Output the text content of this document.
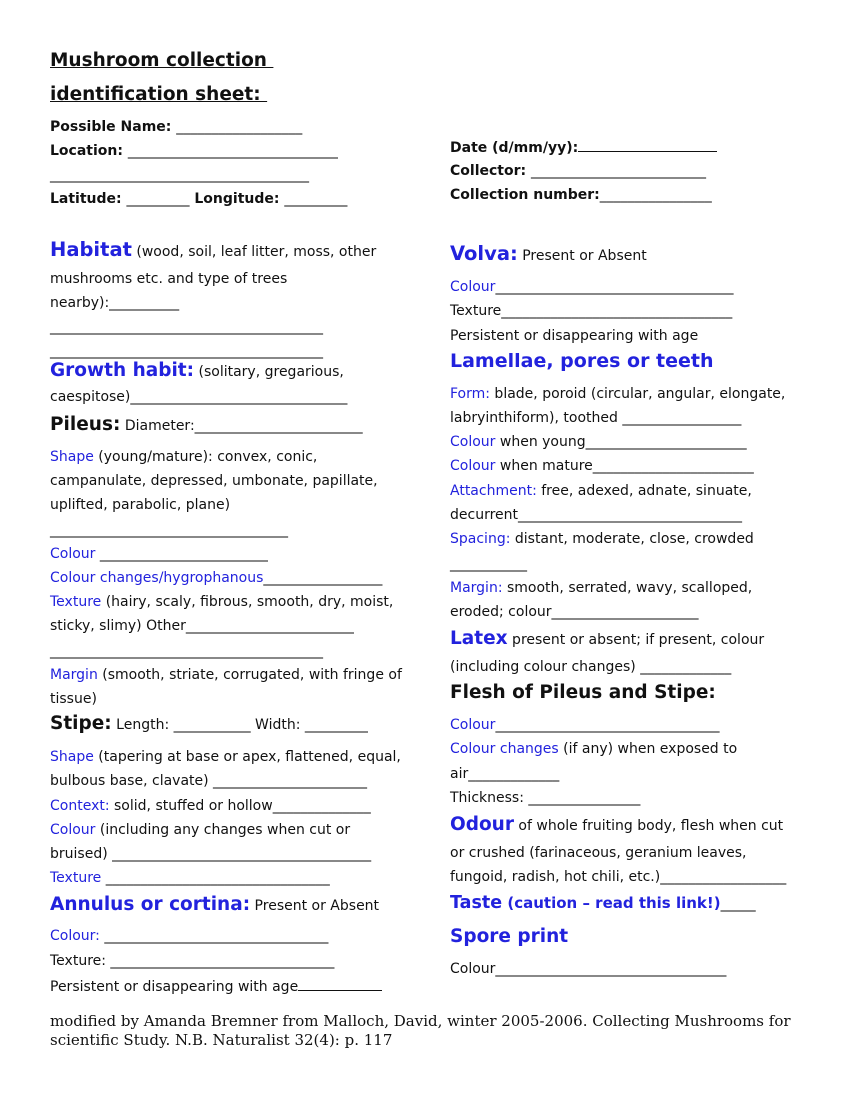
Mushroom collection
identification sheet:
Possible Name: __________________
Location: ______________________________
_____________________________________
Latitude: _________ Longitude: _________
Habitat (wood, soil, leaf litter, moss, other
mushrooms etc. and type of trees
nearby):__________
_______________________________________
_______________________________________
Growth habit: (solitary, gregarious,
caespitose)_______________________________
Pileus: Diameter:________________________
Shape (young/mature): convex, conic,
campanulate, depressed, umbonate, papillate,
uplifted, parabolic, plane)
__________________________________
Colour ________________________
Colour changes/hygrophanous_________________
Texture (hairy, scaly, fibrous, smooth, dry, moist,
sticky, slimy) Other________________________
_______________________________________
Margin (smooth, striate, corrugated, with fringe of
tissue)
Stipe: Length: ___________ Width: _________
Shape (tapering at base or apex, flattened, equal,
bulbous base, clavate) ______________________
Context: solid, stuffed or hollow______________
Colour (including any changes when cut or
bruised) _____________________________________
Texture ________________________________
Annulus or cortina: Present or Absent
Colour: ________________________________
Texture: ________________________________
Persistent or disappearing with age
Date (d/mm/yy):
Collector: _________________________
Collection number:________________
Volva: Present or Absent
Colour__________________________________
Texture_________________________________
Persistent or disappearing with age
Lamellae, pores or teeth
Form: blade, poroid (circular, angular, elongate,
labryinthiform), toothed _________________
Colour when young_______________________
Colour when mature_______________________
Attachment: free, adexed, adnate, sinuate,
decurrent________________________________
Spacing: distant, moderate, close, crowded
___________
Margin: smooth, serrated, wavy, scalloped,
eroded; colour_____________________
Latex present or absent; if present, colour
(including colour changes) _____________
Flesh of Pileus and Stipe:
Colour________________________________
Colour changes (if any) when exposed to
air_____________
Thickness: ________________
Odour of whole fruiting body, flesh when cut
or crushed (farinaceous, geranium leaves,
fungoid, radish, hot chili, etc.)__________________
Taste (caution – read this link!)_____
Spore print
Colour_________________________________
modified by Amanda Bremner from Malloch, David, winter 2005-2006. Collecting Mushrooms for scientific Study. N.B. Naturalist 32(4): p. 117
